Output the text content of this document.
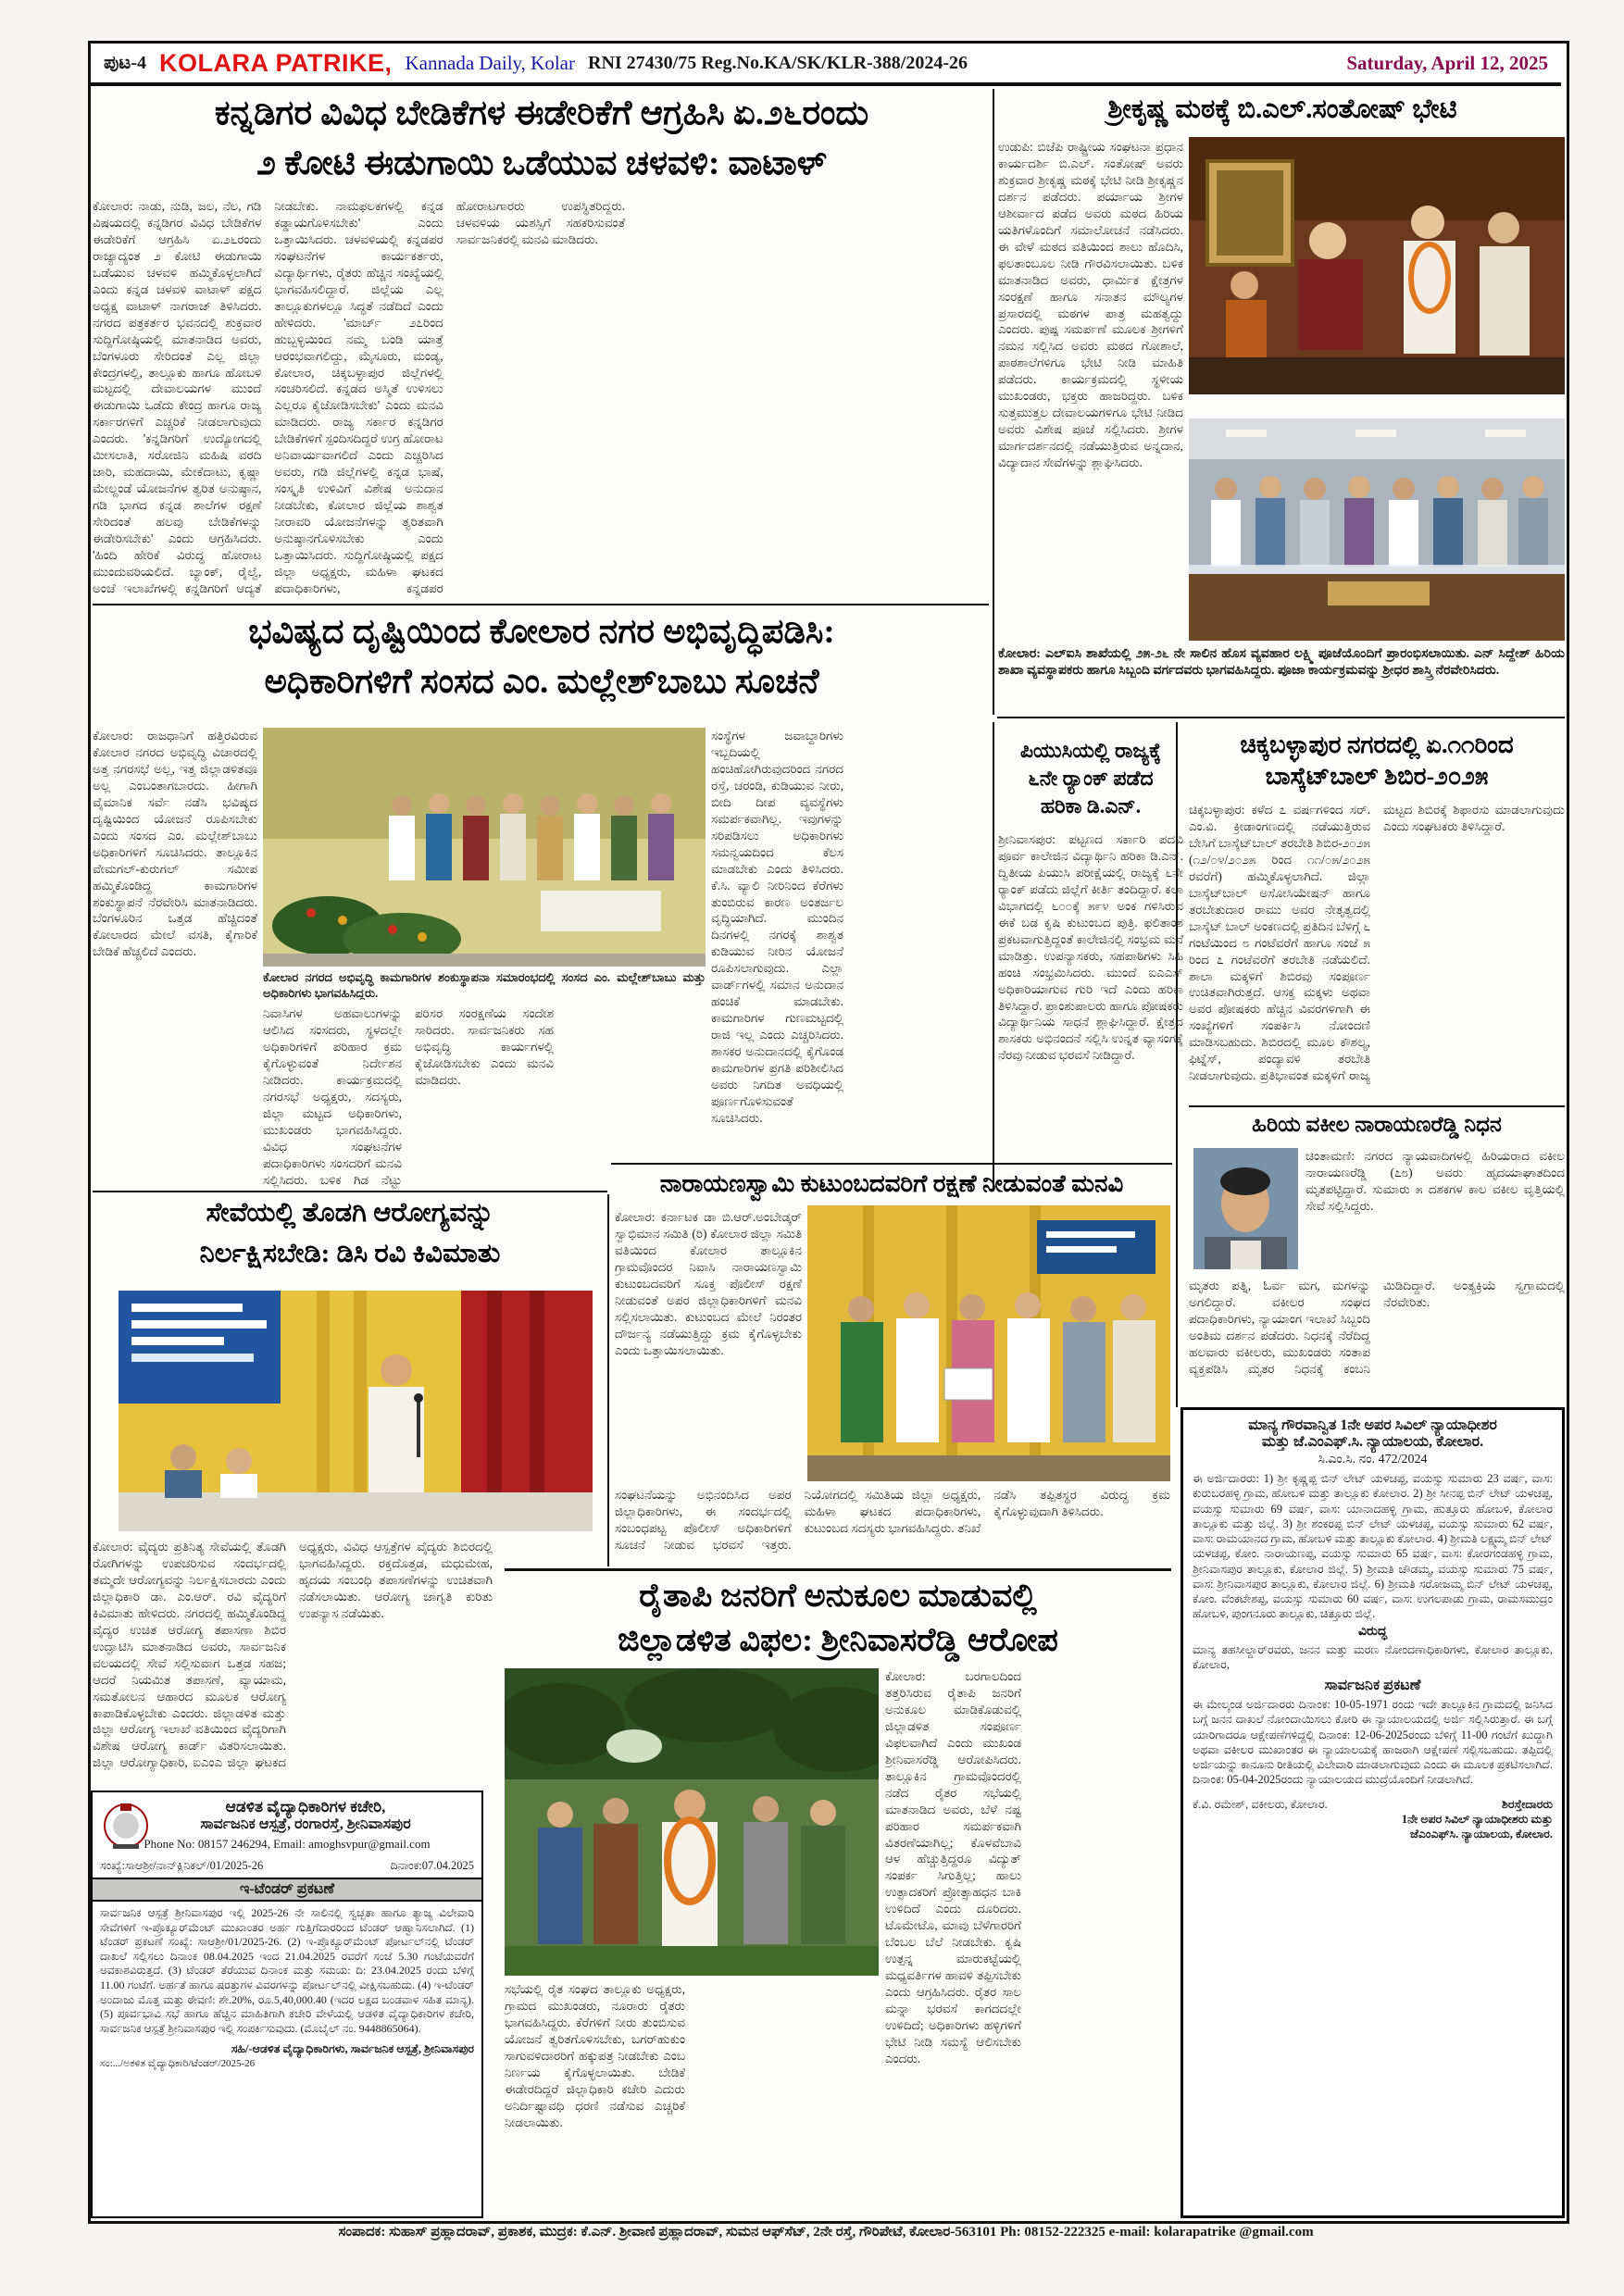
ಪುಟ-4 KOLARA PATRIKE, Kannada Daily, Kolar RNI 27430/75 Reg.No.KA/SK/KLR-388/2024-26	Saturday, April 12, 2025
ಕನ್ನಡಿಗರ ವಿವಿಧ ಬೇಡಿಕೆಗಳ ಈಡೇರಿಕೆಗೆ ಆಗ್ರಹಿಸಿ ಏ.೨೬ರಂದು
೨ ಕೋಟಿ ಈಡುಗಾಯಿ ಒಡೆಯುವ ಚಳವಳಿ: ವಾಟಾಳ್
ಕೋಲಾರ: ನಾಡು, ನುಡಿ, ಜಲ, ನೆಲ, ಗಡಿ ವಿಷಯದಲ್ಲಿ ಕನ್ನಡಿಗರ ವಿವಿಧ ಬೇಡಿಕೆಗಳ ಈಡೇರಿಕೆಗೆ ಆಗ್ರಹಿಸಿ ಏ.೨೬ರಂದು ರಾಜ್ಯಾದ್ಯಂತ ೨ ಕೋಟಿ ಈಡುಗಾಯಿ ಒಡೆಯುವ ಚಳವಳಿ ಹಮ್ಮಿಕೊಳ್ಳಲಾಗಿದೆ ಎಂದು ಕನ್ನಡ ಚಳವಳಿ ವಾಟಾಳ್ ಪಕ್ಷದ ಅಧ್ಯಕ್ಷ ವಾಟಾಳ್ ನಾಗರಾಜ್ ತಿಳಿಸಿದರು. ನಗರದ ಪತ್ರಕರ್ತರ ಭವನದಲ್ಲಿ ಶುಕ್ರವಾರ ಸುದ್ದಿಗೋಷ್ಠಿಯಲ್ಲಿ ಮಾತನಾಡಿದ ಅವರು, ಬೆಂಗಳೂರು ಸೇರಿದಂತೆ ಎಲ್ಲ ಜಿಲ್ಲಾ ಕೇಂದ್ರಗಳಲ್ಲಿ, ತಾಲ್ಲೂಕು ಹಾಗೂ ಹೋಬಳಿ ಮಟ್ಟದಲ್ಲಿ ದೇವಾಲಯಗಳ ಮುಂದೆ ಈಡುಗಾಯಿ ಒಡೆದು ಕೇಂದ್ರ ಹಾಗೂ ರಾಜ್ಯ ಸರ್ಕಾರಗಳಿಗೆ ಎಚ್ಚರಿಕೆ ನೀಡಲಾಗುವುದು ಎಂದರು. 'ಕನ್ನಡಿಗರಿಗೆ ಉದ್ಯೋಗದಲ್ಲಿ ಮೀಸಲಾತಿ, ಸರೋಜಿನಿ ಮಹಿಷಿ ವರದಿ ಜಾರಿ, ಮಹದಾಯಿ, ಮೇಕೆದಾಟು, ಕೃಷ್ಣಾ ಮೇಲ್ದಂಡೆ ಯೋಜನೆಗಳ ತ್ವರಿತ ಅನುಷ್ಠಾನ, ಗಡಿ ಭಾಗದ ಕನ್ನಡ ಶಾಲೆಗಳ ರಕ್ಷಣೆ ಸೇರಿದಂತೆ ಹಲವು ಬೇಡಿಕೆಗಳನ್ನು ಈಡೇರಿಸಬೇಕು' ಎಂದು ಆಗ್ರಹಿಸಿದರು. 'ಹಿಂದಿ ಹೇರಿಕೆ ವಿರುದ್ಧ ಹೋರಾಟ ಮುಂದುವರಿಯಲಿದೆ. ಬ್ಯಾಂಕ್, ರೈಲ್ವೆ, ಅಂಚೆ ಇಲಾಖೆಗಳಲ್ಲಿ ಕನ್ನಡಿಗರಿಗೆ ಆದ್ಯತೆ ನೀಡಬೇಕು. ನಾಮಫಲಕಗಳಲ್ಲಿ ಕನ್ನಡ ಕಡ್ಡಾಯಗೊಳಿಸಬೇಕು' ಎಂದು ಒತ್ತಾಯಿಸಿದರು. ಚಳವಳಿಯಲ್ಲಿ ಕನ್ನಡಪರ ಸಂಘಟನೆಗಳ ಕಾರ್ಯಕರ್ತರು, ವಿದ್ಯಾರ್ಥಿಗಳು, ರೈತರು ಹೆಚ್ಚಿನ ಸಂಖ್ಯೆಯಲ್ಲಿ ಭಾಗವಹಿಸಲಿದ್ದಾರೆ. ಜಿಲ್ಲೆಯ ಎಲ್ಲ ತಾಲ್ಲೂಕುಗಳಲ್ಲೂ ಸಿದ್ಧತೆ ನಡೆದಿದೆ ಎಂದು ಹೇಳಿದರು. 'ಮಾರ್ಚ್ ೨೭ರಿಂದ ಹುಬ್ಬಳ್ಳಿಯಿಂದ ನಮ್ಮ ಬಂಡಿ ಯಾತ್ರೆ ಆರಂಭವಾಗಲಿದ್ದು, ಮೈಸೂರು, ಮಂಡ್ಯ, ಕೋಲಾರ, ಚಿಕ್ಕಬಳ್ಳಾಪುರ ಜಿಲ್ಲೆಗಳಲ್ಲಿ ಸಂಚರಿಸಲಿದೆ. ಕನ್ನಡದ ಅಸ್ಮಿತೆ ಉಳಿಸಲು ಎಲ್ಲರೂ ಕೈಜೋಡಿಸಬೇಕು' ಎಂದು ಮನವಿ ಮಾಡಿದರು. ರಾಜ್ಯ ಸರ್ಕಾರ ಕನ್ನಡಿಗರ ಬೇಡಿಕೆಗಳಿಗೆ ಸ್ಪಂದಿಸದಿದ್ದರೆ ಉಗ್ರ ಹೋರಾಟ ಅನಿವಾರ್ಯವಾಗಲಿದೆ ಎಂದು ಎಚ್ಚರಿಸಿದ ಅವರು, ಗಡಿ ಜಿಲ್ಲೆಗಳಲ್ಲಿ ಕನ್ನಡ ಭಾಷೆ, ಸಂಸ್ಕೃತಿ ಉಳಿವಿಗೆ ವಿಶೇಷ ಅನುದಾನ ನೀಡಬೇಕು, ಕೋಲಾರ ಜಿಲ್ಲೆಯ ಶಾಶ್ವತ ನೀರಾವರಿ ಯೋಜನೆಗಳನ್ನು ತ್ವರಿತವಾಗಿ ಅನುಷ್ಠಾನಗೊಳಿಸಬೇಕು ಎಂದು ಒತ್ತಾಯಿಸಿದರು. ಸುದ್ದಿಗೋಷ್ಠಿಯಲ್ಲಿ ಪಕ್ಷದ ಜಿಲ್ಲಾ ಅಧ್ಯಕ್ಷರು, ಮಹಿಳಾ ಘಟಕದ ಪದಾಧಿಕಾರಿಗಳು, ಕನ್ನಡಪರ ಹೋರಾಟಗಾರರು ಉಪಸ್ಥಿತರಿದ್ದರು. ಚಳವಳಿಯ ಯಶಸ್ಸಿಗೆ ಸಹಕರಿಸುವಂತೆ ಸಾರ್ವಜನಿಕರಲ್ಲಿ ಮನವಿ ಮಾಡಿದರು.
ಶ್ರೀಕೃಷ್ಣ ಮಠಕ್ಕೆ ಬಿ.ಎಲ್.ಸಂತೋಷ್ ಭೇಟಿ
ಉಡುಪಿ: ಬಿಜೆಪಿ ರಾಷ್ಟ್ರೀಯ ಸಂಘಟನಾ ಪ್ರಧಾನ ಕಾರ್ಯದರ್ಶಿ ಬಿ.ಎಲ್. ಸಂತೋಷ್ ಅವರು ಶುಕ್ರವಾರ ಶ್ರೀಕೃಷ್ಣ ಮಠಕ್ಕೆ ಭೇಟಿ ನೀಡಿ ಶ್ರೀಕೃಷ್ಣನ ದರ್ಶನ ಪಡೆದರು. ಪರ್ಯಾಯ ಶ್ರೀಗಳ ಆಶೀರ್ವಾದ ಪಡೆದ ಅವರು ಮಠದ ಹಿರಿಯ ಯತಿಗಳೊಂದಿಗೆ ಸಮಾಲೋಚನೆ ನಡೆಸಿದರು. ಈ ವೇಳೆ ಮಠದ ವತಿಯಿಂದ ಶಾಲು ಹೊದಿಸಿ, ಫಲತಾಂಬೂಲ ನೀಡಿ ಗೌರವಿಸಲಾಯಿತು. ಬಳಿಕ ಮಾತನಾಡಿದ ಅವರು, ಧಾರ್ಮಿಕ ಕ್ಷೇತ್ರಗಳ ಸಂರಕ್ಷಣೆ ಹಾಗೂ ಸನಾತನ ಮೌಲ್ಯಗಳ ಪ್ರಸಾರದಲ್ಲಿ ಮಠಗಳ ಪಾತ್ರ ಮಹತ್ವದ್ದು ಎಂದರು. ಪುಷ್ಪ ಸಮರ್ಪಣೆ ಮೂಲಕ ಶ್ರೀಗಳಿಗೆ ನಮನ ಸಲ್ಲಿಸಿದ ಅವರು ಮಠದ ಗೋಶಾಲೆ, ಪಾಠಶಾಲೆಗಳಿಗೂ ಭೇಟಿ ನೀಡಿ ಮಾಹಿತಿ ಪಡೆದರು. ಕಾರ್ಯಕ್ರಮದಲ್ಲಿ ಸ್ಥಳೀಯ ಮುಖಂಡರು, ಭಕ್ತರು ಹಾಜರಿದ್ದರು. ಬಳಿಕ ಸುತ್ತಮುತ್ತಲ ದೇವಾಲಯಗಳಿಗೂ ಭೇಟಿ ನೀಡಿದ ಅವರು ವಿಶೇಷ ಪೂಜೆ ಸಲ್ಲಿಸಿದರು. ಶ್ರೀಗಳ ಮಾರ್ಗದರ್ಶನದಲ್ಲಿ ನಡೆಯುತ್ತಿರುವ ಅನ್ನದಾನ, ವಿದ್ಯಾದಾನ ಸೇವೆಗಳನ್ನು ಶ್ಲಾಘಿಸಿದರು.
ಕೋಲಾರ: ಎಲ್‌ಐಸಿ ಶಾಖೆಯಲ್ಲಿ ೨೫-೨೬ ನೇ ಸಾಲಿನ ಹೊಸ ವ್ಯವಹಾರ ಲಕ್ಷ್ಮಿ ಪೂಜೆಯೊಂದಿಗೆ ಪ್ರಾರಂಭಿಸಲಾಯಿತು. ಎನ್ ಸಿದ್ದೇಶ್ ಹಿರಿಯ ಶಾಖಾ ವ್ಯವಸ್ಥಾಪಕರು ಹಾಗೂ ಸಿಬ್ಬಂದಿ ವರ್ಗದವರು ಭಾಗವಹಿಸಿದ್ದರು. ಪೂಜಾ ಕಾರ್ಯಕ್ರಮವನ್ನು ಶ್ರೀಧರ ಶಾಸ್ತ್ರಿ ನೆರವೇರಿಸಿದರು.
ಭವಿಷ್ಯದ ದೃಷ್ಟಿಯಿಂದ ಕೋಲಾರ ನಗರ ಅಭಿವೃದ್ಧಿಪಡಿಸಿ:
ಅಧಿಕಾರಿಗಳಿಗೆ ಸಂಸದ ಎಂ. ಮಲ್ಲೇಶ್‌ಬಾಬು ಸೂಚನೆ
ಕೋಲಾರ: ರಾಜಧಾನಿಗೆ ಹತ್ತಿರವಿರುವ ಕೋಲಾರ ನಗರದ ಅಭಿವೃದ್ಧಿ ವಿಚಾರದಲ್ಲಿ ಅತ್ತ ನಗರಸಭೆ ಅಲ್ಲ, ಇತ್ತ ಜಿಲ್ಲಾಡಳಿತವೂ ಅಲ್ಲ ಎಂಬಂತಾಗಬಾರದು. ಹೀಗಾಗಿ ವೈಮಾನಿಕ ಸರ್ವೆ ನಡೆಸಿ ಭವಿಷ್ಯದ ದೃಷ್ಟಿಯಿಂದ ಯೋಜನೆ ರೂಪಿಸಬೇಕು ಎಂದು ಸಂಸದ ಎಂ. ಮಲ್ಲೇಶ್‌ಬಾಬು ಅಧಿಕಾರಿಗಳಿಗೆ ಸೂಚಿಸಿದರು. ತಾಲ್ಲೂಕಿನ ವೇಮಗಲ್-ಕುರುಗಲ್ ಸಮೀಪ ಹಮ್ಮಿಕೊಂಡಿದ್ದ ಕಾಮಗಾರಿಗಳ ಶಂಕುಸ್ಥಾಪನೆ ನೆರವೇರಿಸಿ ಮಾತನಾಡಿದರು. ಬೆಂಗಳೂರಿನ ಒತ್ತಡ ಹೆಚ್ಚಿದಂತೆ ಕೋಲಾರದ ಮೇಲೆ ವಸತಿ, ಕೈಗಾರಿಕೆ ಬೇಡಿಕೆ ಹೆಚ್ಚಲಿದೆ ಎಂದರು.
ಕೋಲಾರ ನಗರದ ಅಭಿವೃದ್ಧಿ ಕಾಮಗಾರಿಗಳ ಶಂಕುಸ್ಥಾಪನಾ ಸಮಾರಂಭದಲ್ಲಿ ಸಂಸದ ಎಂ. ಮಲ್ಲೇಶ್‌ಬಾಬು ಮತ್ತು ಅಧಿಕಾರಿಗಳು ಭಾಗವಹಿಸಿದ್ದರು.
ನಿವಾಸಿಗಳ ಅಹವಾಲುಗಳನ್ನು ಆಲಿಸಿದ ಸಂಸದರು, ಸ್ಥಳದಲ್ಲೇ ಅಧಿಕಾರಿಗಳಿಗೆ ಪರಿಹಾರ ಕ್ರಮ ಕೈಗೊಳ್ಳುವಂತೆ ನಿರ್ದೇಶನ ನೀಡಿದರು. ಕಾರ್ಯಕ್ರಮದಲ್ಲಿ ನಗರಸಭೆ ಅಧ್ಯಕ್ಷರು, ಸದಸ್ಯರು, ಜಿಲ್ಲಾ ಮಟ್ಟದ ಅಧಿಕಾರಿಗಳು, ಮುಖಂಡರು ಭಾಗವಹಿಸಿದ್ದರು. ವಿವಿಧ ಸಂಘಟನೆಗಳ ಪದಾಧಿಕಾರಿಗಳು ಸಂಸದರಿಗೆ ಮನವಿ ಸಲ್ಲಿಸಿದರು. ಬಳಿಕ ಗಿಡ ನೆಟ್ಟು ಪರಿಸರ ಸಂರಕ್ಷಣೆಯ ಸಂದೇಶ ಸಾರಿದರು. ಸಾರ್ವಜನಿಕರು ಸಹ ಅಭಿವೃದ್ಧಿ ಕಾರ್ಯಗಳಲ್ಲಿ ಕೈಜೋಡಿಸಬೇಕು ಎಂದು ಮನವಿ ಮಾಡಿದರು.
ಸಂಸ್ಥೆಗಳ ಜವಾಬ್ದಾರಿಗಳು ಇಬ್ಬದಿಯಲ್ಲಿ ಹಂಚಿಹೋಗಿರುವುದರಿಂದ ನಗರದ ರಸ್ತೆ, ಚರಂಡಿ, ಕುಡಿಯುವ ನೀರು, ಬೀದಿ ದೀಪ ವ್ಯವಸ್ಥೆಗಳು ಸಮರ್ಪಕವಾಗಿಲ್ಲ. ಇವುಗಳನ್ನು ಸರಿಪಡಿಸಲು ಅಧಿಕಾರಿಗಳು ಸಮನ್ವಯದಿಂದ ಕೆಲಸ ಮಾಡಬೇಕು ಎಂದು ತಿಳಿಸಿದರು. ಕೆ.ಸಿ. ವ್ಯಾಲಿ ನೀರಿನಿಂದ ಕೆರೆಗಳು ತುಂಬಿರುವ ಕಾರಣ ಅಂತರ್ಜಲ ವೃದ್ಧಿಯಾಗಿದೆ. ಮುಂದಿನ ದಿನಗಳಲ್ಲಿ ನಗರಕ್ಕೆ ಶಾಶ್ವತ ಕುಡಿಯುವ ನೀರಿನ ಯೋಜನೆ ರೂಪಿಸಲಾಗುವುದು. ಎಲ್ಲಾ ವಾರ್ಡ್‌ಗಳಲ್ಲಿ ಸಮಾನ ಅನುದಾನ ಹಂಚಿಕೆ ಮಾಡಬೇಕು. ಕಾಮಗಾರಿಗಳ ಗುಣಮಟ್ಟದಲ್ಲಿ ರಾಜಿ ಇಲ್ಲ ಎಂದು ಎಚ್ಚರಿಸಿದರು. ಶಾಸಕರ ಅನುದಾನದಲ್ಲಿ ಕೈಗೊಂಡ ಕಾಮಗಾರಿಗಳ ಪ್ರಗತಿ ಪರಿಶೀಲಿಸಿದ ಅವರು ನಿಗದಿತ ಅವಧಿಯಲ್ಲಿ ಪೂರ್ಣಗೊಳಿಸುವಂತೆ ಸೂಚಿಸಿದರು.
ಪಿಯುಸಿಯಲ್ಲಿ ರಾಜ್ಯಕ್ಕೆ
೬ನೇ ರ‍್ಯಾಂಕ್ ಪಡೆದ
ಹರಿಕಾ ಡಿ.ಎನ್.
ಶ್ರೀನಿವಾಸಪುರ: ಪಟ್ಟಣದ ಸರ್ಕಾರಿ ಪದವಿ ಪೂರ್ವ ಕಾಲೇಜಿನ ವಿದ್ಯಾರ್ಥಿನಿ ಹರಿಕಾ ಡಿ.ಎನ್. ದ್ವಿತೀಯ ಪಿಯುಸಿ ಪರೀಕ್ಷೆಯಲ್ಲಿ ರಾಜ್ಯಕ್ಕೆ ೬ನೇ ರ‍್ಯಾಂಕ್ ಪಡೆದು ಜಿಲ್ಲೆಗೆ ಕೀರ್ತಿ ತಂದಿದ್ದಾರೆ. ಕಲಾ ವಿಭಾಗದಲ್ಲಿ ೬೦೦ಕ್ಕೆ ೫೯೪ ಅಂಕ ಗಳಿಸಿರುವ ಈಕೆ ಬಡ ಕೃಷಿ ಕುಟುಂಬದ ಪುತ್ರಿ. ಫಲಿತಾಂಶ ಪ್ರಕಟವಾಗುತ್ತಿದ್ದಂತೆ ಕಾಲೇಜಿನಲ್ಲಿ ಸಂಭ್ರಮ ಮನೆ ಮಾಡಿತ್ತು. ಉಪನ್ಯಾಸಕರು, ಸಹಪಾಠಿಗಳು ಸಿಹಿ ಹಂಚಿ ಸಂಭ್ರಮಿಸಿದರು. ಮುಂದೆ ಐಎಎಸ್ ಅಧಿಕಾರಿಯಾಗುವ ಗುರಿ ಇದೆ ಎಂದು ಹರಿಕಾ ತಿಳಿಸಿದ್ದಾರೆ. ಪ್ರಾಂಶುಪಾಲರು ಹಾಗೂ ಪೋಷಕರು ವಿದ್ಯಾರ್ಥಿನಿಯ ಸಾಧನೆ ಶ್ಲಾಘಿಸಿದ್ದಾರೆ. ಕ್ಷೇತ್ರದ ಶಾಸಕರು ಅಭಿನಂದನೆ ಸಲ್ಲಿಸಿ ಉನ್ನತ ವ್ಯಾಸಂಗಕ್ಕೆ ನೆರವು ನೀಡುವ ಭರವಸೆ ನೀಡಿದ್ದಾರೆ.
ಚಿಕ್ಕಬಳ್ಳಾಪುರ ನಗರದಲ್ಲಿ ಏ.೧೧ರಿಂದ
ಬಾಸ್ಕೆಟ್‌ಬಾಲ್ ಶಿಬಿರ-೨೦೨೫
ಚಿಕ್ಕಬಳ್ಳಾಪುರ: ಕಳೆದ ೭ ವರ್ಷಗಳಿಂದ ಸರ್. ಎಂ.ವಿ. ಕ್ರೀಡಾಂಗಣದಲ್ಲಿ ನಡೆಯುತ್ತಿರುವ ಬೇಸಿಗೆ ಬಾಸ್ಕೆಟ್‌ಬಾಲ್ ತರಬೇತಿ ಶಿಬಿರ-೨೦೨೫ (೧೨/೦೪/೨೦೨೫ ರಿಂದ ೧೧/೦೫/೨೦೨೫ ರವರೆಗೆ) ಹಮ್ಮಿಕೊಳ್ಳಲಾಗಿದೆ. ಜಿಲ್ಲಾ ಬಾಸ್ಕೆಟ್‌ಬಾಲ್ ಅಸೋಸಿಯೇಷನ್ ಹಾಗೂ ತರಬೇತುದಾರ ರಾಮು ಅವರ ನೇತೃತ್ವದಲ್ಲಿ ಬಾಸ್ಕೆಟ್ ಬಾಲ್ ಅಂಕಣದಲ್ಲಿ ಪ್ರತಿದಿನ ಬೆಳಿಗ್ಗೆ ೬ ಗಂಟೆಯಿಂದ ೮ ಗಂಟೆವರೆಗೆ ಹಾಗೂ ಸಂಜೆ ೫ ರಿಂದ ೭ ಗಂಟೆವರೆಗೆ ತರಬೇತಿ ನಡೆಯಲಿದೆ. ಶಾಲಾ ಮಕ್ಕಳಿಗೆ ಶಿಬಿರವು ಸಂಪೂರ್ಣ ಉಚಿತವಾಗಿರುತ್ತದೆ. ಆಸಕ್ತ ಮಕ್ಕಳು ಅಥವಾ ಅವರ ಪೋಷಕರು ಹೆಚ್ಚಿನ ವಿವರಗಳಿಗಾಗಿ ಈ ಸಂಖ್ಯೆಗಳಿಗೆ ಸಂಪರ್ಕಿಸಿ ನೋಂದಣಿ ಮಾಡಿಸಬಹುದು. ಶಿಬಿರದಲ್ಲಿ ಮೂಲ ಕೌಶಲ್ಯ, ಫಿಟ್ನೆಸ್, ಪಂದ್ಯಾವಳಿ ತರಬೇತಿ ನೀಡಲಾಗುವುದು. ಪ್ರತಿಭಾವಂತ ಮಕ್ಕಳಿಗೆ ರಾಜ್ಯ ಮಟ್ಟದ ಶಿಬಿರಕ್ಕೆ ಶಿಫಾರಸು ಮಾಡಲಾಗುವುದು ಎಂದು ಸಂಘಟಕರು ತಿಳಿಸಿದ್ದಾರೆ.
ಹಿರಿಯ ವಕೀಲ ನಾರಾಯಣರೆಡ್ಡಿ ನಿಧನ
ಚಿಂತಾಮಣಿ: ನಗರದ ನ್ಯಾಯವಾದಿಗಳಲ್ಲಿ ಹಿರಿಯರಾದ ವಕೀಲ ನಾರಾಯಣರೆಡ್ಡಿ (೭೮) ಅವರು ಹೃದಯಾಘಾತದಿಂದ ಮೃತಪಟ್ಟಿದ್ದಾರೆ. ಸುಮಾರು ೫ ದಶಕಗಳ ಕಾಲ ವಕೀಲ ವೃತ್ತಿಯಲ್ಲಿ ಸೇವೆ ಸಲ್ಲಿಸಿದ್ದರು.
ಮೃತರು ಪತ್ನಿ, ಓರ್ವ ಮಗ, ಮಗಳನ್ನು ಅಗಲಿದ್ದಾರೆ. ವಕೀಲರ ಸಂಘದ ಪದಾಧಿಕಾರಿಗಳು, ನ್ಯಾಯಾಂಗ ಇಲಾಖೆ ಸಿಬ್ಬಂದಿ ಅಂತಿಮ ದರ್ಶನ ಪಡೆದರು. ನಿಧನಕ್ಕೆ ನೆರೆದಿದ್ದ ಹಲವಾರು ವಕೀಲರು, ಮುಖಂಡರು ಸಂತಾಪ ವ್ಯಕ್ತಪಡಿಸಿ ಮೃತರ ನಿಧನಕ್ಕೆ ಕಂಬನಿ ಮಿಡಿದಿದ್ದಾರೆ. ಅಂತ್ಯಕ್ರಿಯೆ ಸ್ವಗ್ರಾಮದಲ್ಲಿ ನೆರವೇರಿತು.
ಮಾನ್ಯ ಗೌರವಾನ್ವಿತ 1ನೇ ಅಪರ ಸಿವಿಲ್ ನ್ಯಾಯಾಧೀಶರ
ಮತ್ತು ಜೆ.ಎಂಎಫ್.ಸಿ. ನ್ಯಾಯಾಲಯ, ಕೋಲಾರ.
ಸಿ.ಎಂ.ಸಿ. ನಂ. 472/2024
ಈ ಅರ್ಜಿದಾರರು: 1) ಶ್ರೀ ಕೃಷ್ಣಪ್ಪ ಬಿನ್ ಲೇಟ್ ಯಳಚಪ್ಪ, ವಯಸ್ಸು ಸುಮಾರು 23 ವರ್ಷ, ವಾಸ: ಕುರುಬರಹಳ್ಳಿ ಗ್ರಾಮ, ಹೋಬಳಿ ಮತ್ತು ತಾಲ್ಲೂಕು ಕೋಲಾರ. 2) ಶ್ರೀ ಸೀನಪ್ಪ ಬಿನ್ ಲೇಟ್ ಯಳಚಪ್ಪ, ವಯಸ್ಸು ಸುಮಾರು 69 ವರ್ಷ, ವಾಸ: ಯಾನಾದಹಳ್ಳಿ ಗ್ರಾಮ, ಹುತ್ತೂರು ಹೋಬಳಿ, ಕೋಲಾರ ತಾಲ್ಲೂಕು ಮತ್ತು ಜಿಲ್ಲೆ. 3) ಶ್ರೀ ಶಂಕರಪ್ಪ ಬಿನ್ ಲೇಟ್ ಯಳಚಪ್ಪ, ವಯಸ್ಸು ಸುಮಾರು 62 ವರ್ಷ, ವಾಸ: ರಾಮಯಾನದ ಗ್ರಾಮ, ಹೋಬಳಿ ಮತ್ತು ತಾಲ್ಲೂಕು ಕೋಲಾರ. 4) ಶ್ರೀಮತಿ ಲಕ್ಷ್ಮಮ್ಮ ಬಿನ್ ಲೇಟ್ ಯಳಚಪ್ಪ, ಕೋಂ. ನಾರಾಯಣಪ್ಪ, ವಯಸ್ಸು ಸುಮಾರು 65 ವರ್ಷ, ವಾಸ: ಕೋರಗಂಡಹಳ್ಳಿ ಗ್ರಾಮ, ಶ್ರೀನಿವಾಸಪುರ ತಾಲ್ಲೂಕು, ಕೋಲಾರ ಜಿಲ್ಲೆ. 5) ಶ್ರೀಮತಿ ಚೌಡಮ್ಮ, ವಯಸ್ಸು ಸುಮಾರು 75 ವರ್ಷ, ವಾಸ: ಶ್ರೀನಿವಾಸಪುರ ತಾಲ್ಲೂಕು, ಕೋಲಾರ ಜಿಲ್ಲೆ. 6) ಶ್ರೀಮತಿ ಸರೋಜಮ್ಮ ಬಿನ್ ಲೇಟ್ ಯಳಚಪ್ಪ, ಕೋಂ. ವೆಂಕಟೇಶಪ್ಪ, ವಯಸ್ಸು ಸುಮಾರು 60 ವರ್ಷ, ವಾಸ: ಉಗಲಪಾಡು ಗ್ರಾಮ, ರಾಮಸಮುದ್ರಂ ಹೋಬಳಿ, ಪುಂಗನೂರು ತಾಲ್ಲೂಕು, ಚಿತ್ತೂರು ಜಿಲ್ಲೆ.
ವಿರುದ್ಧ
ಮಾನ್ಯ ತಹಸೀಲ್ದಾರ್‌ರವರು, ಜನನ ಮತ್ತು ಮರಣ ನೋಂದಣಾಧಿಕಾರಿಗಳು, ಕೋಲಾರ ತಾಲ್ಲೂಕು, ಕೋಲಾರ,
ಸಾರ್ವಜನಿಕ ಪ್ರಕಟಣೆ
ಈ ಮೇಲ್ಕಂಡ ಅರ್ಜಿದಾರರು ದಿನಾಂಕ: 10-05-1971 ರಂದು ಇದೇ ತಾಲ್ಲೂಕಿನ ಗ್ರಾಮದಲ್ಲಿ ಜನಿಸಿದ ಬಗ್ಗೆ ಜನನ ದಾಖಲೆ ನೋಂದಾಯಿಸಲು ಕೋರಿ ಈ ನ್ಯಾಯಾಲಯದಲ್ಲಿ ಅರ್ಜಿ ಸಲ್ಲಿಸಿರುತ್ತಾರೆ. ಈ ಬಗ್ಗೆ ಯಾರಿಗಾದರೂ ಆಕ್ಷೇಪಣೆಗಳಿದ್ದಲ್ಲಿ ದಿನಾಂಕ: 12-06-2025ರಂದು ಬೆಳಿಗ್ಗೆ 11-00 ಗಂಟೆಗೆ ಖುದ್ದಾಗಿ ಅಥವಾ ವಕೀಲರ ಮುಖಾಂತರ ಈ ನ್ಯಾಯಾಲಯಕ್ಕೆ ಹಾಜರಾಗಿ ಆಕ್ಷೇಪಣೆ ಸಲ್ಲಿಸಬಹುದು. ತಪ್ಪಿದಲ್ಲಿ ಅರ್ಜಿಯನ್ನು ಕಾನೂನು ರೀತಿಯಲ್ಲಿ ವಿಲೇವಾರಿ ಮಾಡಲಾಗುವುದು ಎಂದು ಈ ಮೂಲಕ ಪ್ರಕಟಿಸಲಾಗಿದೆ. ದಿನಾಂಕ: 05-04-2025ರಂದು ನ್ಯಾಯಾಲಯದ ಮುದ್ರೆಯೊಂದಿಗೆ ನೀಡಲಾಗಿದೆ.
ಕೆ.ವಿ. ರಮೇಶ್, ವಕೀಲರು, ಕೋಲಾರ.	ಶಿರಸ್ತೇದಾರರು
1ನೇ ಅಪರ ಸಿವಿಲ್ ನ್ಯಾಯಾಧೀಶರು ಮತ್ತು
ಜೆಎಂಎಫ್‌ಸಿ. ನ್ಯಾಯಾಲಯ, ಕೋಲಾರ.
ಸೇವೆಯಲ್ಲಿ ತೊಡಗಿ ಆರೋಗ್ಯವನ್ನು
ನಿರ್ಲಕ್ಷಿಸಬೇಡಿ: ಡಿಸಿ ರವಿ ಕಿವಿಮಾತು
ಕೋಲಾರ: ವೈದ್ಯರು ಪ್ರತಿನಿತ್ಯ ಸೇವೆಯಲ್ಲಿ ತೊಡಗಿ ರೋಗಿಗಳನ್ನು ಉಪಚರಿಸುವ ಸಂದರ್ಭದಲ್ಲಿ ತಮ್ಮದೇ ಆರೋಗ್ಯವನ್ನು ನಿರ್ಲಕ್ಷಿಸಬಾರದು ಎಂದು ಜಿಲ್ಲಾಧಿಕಾರಿ ಡಾ. ಎಂ.ಆರ್. ರವಿ ವೈದ್ಯರಿಗೆ ಕಿವಿಮಾತು ಹೇಳಿದರು. ನಗರದಲ್ಲಿ ಹಮ್ಮಿಕೊಂಡಿದ್ದ ವೈದ್ಯರ ಉಚಿತ ಆರೋಗ್ಯ ತಪಾಸಣಾ ಶಿಬಿರ ಉದ್ಘಾಟಿಸಿ ಮಾತನಾಡಿದ ಅವರು, ಸಾರ್ವಜನಿಕ ವಲಯದಲ್ಲಿ ಸೇವೆ ಸಲ್ಲಿಸುವಾಗ ಒತ್ತಡ ಸಹಜ; ಆದರೆ ನಿಯಮಿತ ತಪಾಸಣೆ, ವ್ಯಾಯಾಮ, ಸಮತೋಲನ ಆಹಾರದ ಮೂಲಕ ಆರೋಗ್ಯ ಕಾಪಾಡಿಕೊಳ್ಳಬೇಕು ಎಂದರು. ಜಿಲ್ಲಾಡಳಿತ ಮತ್ತು ಜಿಲ್ಲಾ ಆರೋಗ್ಯ ಇಲಾಖೆ ವತಿಯಿಂದ ವೈದ್ಯರಿಗಾಗಿ ವಿಶೇಷ ಆರೋಗ್ಯ ಕಾರ್ಡ್ ವಿತರಿಸಲಾಯಿತು. ಜಿಲ್ಲಾ ಆರೋಗ್ಯಾಧಿಕಾರಿ, ಐಎಂಎ ಜಿಲ್ಲಾ ಘಟಕದ ಅಧ್ಯಕ್ಷರು, ವಿವಿಧ ಆಸ್ಪತ್ರೆಗಳ ವೈದ್ಯರು ಶಿಬಿರದಲ್ಲಿ ಭಾಗವಹಿಸಿದ್ದರು. ರಕ್ತದೊತ್ತಡ, ಮಧುಮೇಹ, ಹೃದಯ ಸಂಬಂಧಿ ತಪಾಸಣೆಗಳನ್ನು ಉಚಿತವಾಗಿ ನಡೆಸಲಾಯಿತು. ಆರೋಗ್ಯ ಜಾಗೃತಿ ಕುರಿತು ಉಪನ್ಯಾಸ ನಡೆಯಿತು.
ಆಡಳಿತ ವೈದ್ಯಾಧಿಕಾರಿಗಳ ಕಚೇರಿ,
ಸಾರ್ವಜನಿಕ ಆಸ್ಪತ್ರೆ, ರಂಗಾರಸ್ತೆ, ಶ್ರೀನಿವಾಸಪುರ
Phone No: 08157 246294, Email: amoghsvpur@gmail.com
ಸಂಖ್ಯೆ:ಸಾಆಶ್ರೀ/ನಾನ್‌ಕ್ಲಿನಿಕಲ್/01/2025-26	ದಿನಾಂಕ:07.04.2025
ಇ-ಟೆಂಡರ್ ಪ್ರಕಟಣೆ
ಸಾರ್ವಜನಿಕ ಆಸ್ಪತ್ರೆ ಶ್ರೀನಿವಾಸಪುರ ಇಲ್ಲಿ 2025-26 ನೇ ಸಾಲಿನಲ್ಲಿ ಸ್ವಚ್ಛತಾ ಹಾಗೂ ತ್ಯಾಜ್ಯ ವಿಲೇವಾರಿ ಸೇವೆಗಳಿಗೆ ಇ-ಪ್ರೊಕ್ಯೂರ್‌ಮೆಂಟ್ ಮುಖಾಂತರ ಅರ್ಹ ಗುತ್ತಿಗೆದಾರರಿಂದ ಟೆಂಡರ್ ಆಹ್ವಾನಿಸಲಾಗಿದೆ. (1) ಟೆಂಡರ್ ಪ್ರಕಟಣೆ ಸಂಖ್ಯೆ: ಸಾಆಶ್ರೀ/01/2025-26. (2) ಇ-ಪ್ರೊಕ್ಯೂರ್‌ಮೆಂಟ್ ಪೋರ್ಟಲ್‌ನಲ್ಲಿ ಟೆಂಡರ್ ದಾಖಲೆ ಸಲ್ಲಿಸಲು ದಿನಾಂಕ 08.04.2025 ಇಂದ 21.04.2025 ರವರೆಗೆ ಸಂಜೆ 5.30 ಗಂಟೆಯವರೆಗೆ ಅವಕಾಶವಿರುತ್ತದೆ. (3) ಟೆಂಡರ್ ತೆರೆಯುವ ದಿನಾಂಕ ಮತ್ತು ಸಮಯ: ದಿ: 23.04.2025 ರಂದು ಬೆಳಿಗ್ಗೆ 11.00 ಗಂಟೆಗೆ. ಅರ್ಹತೆ ಹಾಗೂ ಷರತ್ತುಗಳ ವಿವರಗಳನ್ನು ಪೋರ್ಟಲ್‌ನಲ್ಲಿ ವೀಕ್ಷಿಸಬಹುದು. (4) ಇ-ಟೆಂಡರ್ ಅಂದಾಜು ಮೊತ್ತ ಮತ್ತು ಠೇವಣಿ: ಶೇ.20%, ರೂ.5,40,000.40 (ಇದರ ಲಕ್ಷದ ಬಂಡವಾಳ ಸಹಿತ ಮಾನ್ಯ). (5) ಪೂರ್ವಭಾವಿ ಸಭೆ ಹಾಗೂ ಹೆಚ್ಚಿನ ಮಾಹಿತಿಗಾಗಿ ಕಚೇರಿ ವೇಳೆಯಲ್ಲಿ ಆಡಳಿತ ವೈದ್ಯಾಧಿಕಾರಿಗಳ ಕಚೇರಿ, ಸಾರ್ವಜನಿಕ ಆಸ್ಪತ್ರೆ ಶ್ರೀನಿವಾಸಪುರ ಇಲ್ಲಿ ಸಂಪರ್ಕಿಸುವುದು. (ಮೊಬೈಲ್ ನಂ. 9448865064).
ಸಹಿ/-ಆಡಳಿತ ವೈದ್ಯಾಧಿಕಾರಿಗಳು, ಸಾರ್ವಜನಿಕ ಆಸ್ಪತ್ರೆ, ಶ್ರೀನಿವಾಸಪುರ
ಸಂ:.../ಅಕಳಿತ ವೈದ್ಯಾಧಿಕಾರಿ/ಟೆಂಡರ್/2025-26
ನಾರಾಯಣಸ್ವಾಮಿ ಕುಟುಂಬದವರಿಗೆ ರಕ್ಷಣೆ ನೀಡುವಂತೆ ಮನವಿ
ಕೋಲಾರ: ಕರ್ನಾಟಕ ಡಾ ಬಿ.ಆರ್.ಅಂಬೇಡ್ಕರ್ ಸ್ವಾಭಿಮಾನ ಸಮಿತಿ (ರಿ) ಕೋಲಾರ ಜಿಲ್ಲಾ ಸಮಿತಿ ವತಿಯಿಂದ ಕೋಲಾರ ತಾಲ್ಲೂಕಿನ ಗ್ರಾಮವೊಂದರ ನಿವಾಸಿ ನಾರಾಯಣಸ್ವಾಮಿ ಕುಟುಂಬದವರಿಗೆ ಸೂಕ್ತ ಪೊಲೀಸ್ ರಕ್ಷಣೆ ನೀಡುವಂತೆ ಅಪರ ಜಿಲ್ಲಾಧಿಕಾರಿಗಳಿಗೆ ಮನವಿ ಸಲ್ಲಿಸಲಾಯಿತು. ಕುಟುಂಬದ ಮೇಲೆ ನಿರಂತರ ದೌರ್ಜನ್ಯ ನಡೆಯುತ್ತಿದ್ದು ಕ್ರಮ ಕೈಗೊಳ್ಳಬೇಕು ಎಂದು ಒತ್ತಾಯಿಸಲಾಯಿತು.
ಸಂಘಟನೆಯನ್ನು ಅಭಿನಂದಿಸಿದ ಅಪರ ಜಿಲ್ಲಾಧಿಕಾರಿಗಳು, ಈ ಸಂದರ್ಭದಲ್ಲಿ ಸಂಬಂಧಪಟ್ಟ ಪೊಲೀಸ್ ಅಧಿಕಾರಿಗಳಿಗೆ ಸೂಚನೆ ನೀಡುವ ಭರವಸೆ ಇತ್ತರು. ನಿಯೋಗದಲ್ಲಿ ಸಮಿತಿಯ ಜಿಲ್ಲಾ ಅಧ್ಯಕ್ಷರು, ಮಹಿಳಾ ಘಟಕದ ಪದಾಧಿಕಾರಿಗಳು, ಕುಟುಂಬದ ಸದಸ್ಯರು ಭಾಗವಹಿಸಿದ್ದರು. ತನಿಖೆ ನಡೆಸಿ ತಪ್ಪಿತಸ್ಥರ ವಿರುದ್ಧ ಕ್ರಮ ಕೈಗೊಳ್ಳುವುದಾಗಿ ತಿಳಿಸಿದರು.
ರೈತಾಪಿ ಜನರಿಗೆ ಅನುಕೂಲ ಮಾಡುವಲ್ಲಿ
ಜಿಲ್ಲಾಡಳಿತ ವಿಫಲ: ಶ್ರೀನಿವಾಸರೆಡ್ಡಿ ಆರೋಪ
ಕೋಲಾರ: ಬರಗಾಲದಿಂದ ತತ್ತರಿಸಿರುವ ರೈತಾಪಿ ಜನರಿಗೆ ಅನುಕೂಲ ಮಾಡಿಕೊಡುವಲ್ಲಿ ಜಿಲ್ಲಾಡಳಿತ ಸಂಪೂರ್ಣ ವಿಫಲವಾಗಿದೆ ಎಂದು ಮುಖಂಡ ಶ್ರೀನಿವಾಸರೆಡ್ಡಿ ಆರೋಪಿಸಿದರು. ತಾಲ್ಲೂಕಿನ ಗ್ರಾಮವೊಂದರಲ್ಲಿ ನಡೆದ ರೈತರ ಸಭೆಯಲ್ಲಿ ಮಾತನಾಡಿದ ಅವರು, ಬೆಳೆ ನಷ್ಟ ಪರಿಹಾರ ಸಮರ್ಪಕವಾಗಿ ವಿತರಣೆಯಾಗಿಲ್ಲ; ಕೊಳವೆಬಾವಿ ಆಳ ಹೆಚ್ಚುತ್ತಿದ್ದರೂ ವಿದ್ಯುತ್ ಸಂಪರ್ಕ ಸಿಗುತ್ತಿಲ್ಲ; ಹಾಲು ಉತ್ಪಾದಕರಿಗೆ ಪ್ರೋತ್ಸಾಹಧನ ಬಾಕಿ ಉಳಿದಿದೆ ಎಂದು ದೂರಿದರು. ಟೊಮೇಟೊ, ಮಾವು ಬೆಳೆಗಾರರಿಗೆ ಬೆಂಬಲ ಬೆಲೆ ನೀಡಬೇಕು. ಕೃಷಿ ಉತ್ಪನ್ನ ಮಾರುಕಟ್ಟೆಯಲ್ಲಿ ಮಧ್ಯವರ್ತಿಗಳ ಹಾವಳಿ ತಪ್ಪಿಸಬೇಕು ಎಂದು ಆಗ್ರಹಿಸಿದರು. ರೈತರ ಸಾಲ ಮನ್ನಾ ಭರವಸೆ ಕಾಗದದಲ್ಲೇ ಉಳಿದಿದೆ; ಅಧಿಕಾರಿಗಳು ಹಳ್ಳಿಗಳಿಗೆ ಭೇಟಿ ನೀಡಿ ಸಮಸ್ಯೆ ಆಲಿಸಬೇಕು ಎಂದರು.
ಸಭೆಯಲ್ಲಿ ರೈತ ಸಂಘದ ತಾಲ್ಲೂಕು ಅಧ್ಯಕ್ಷರು, ಗ್ರಾಮದ ಮುಖಂಡರು, ನೂರಾರು ರೈತರು ಭಾಗವಹಿಸಿದ್ದರು. ಕೆರೆಗಳಿಗೆ ನೀರು ತುಂಬಿಸುವ ಯೋಜನೆ ತ್ವರಿತಗೊಳಿಸಬೇಕು, ಬಗರ್‌ಹುಕುಂ ಸಾಗುವಳಿದಾರರಿಗೆ ಹಕ್ಕುಪತ್ರ ನೀಡಬೇಕು ಎಂಬ ನಿರ್ಣಯ ಕೈಗೊಳ್ಳಲಾಯಿತು. ಬೇಡಿಕೆ ಈಡೇರದಿದ್ದರೆ ಜಿಲ್ಲಾಧಿಕಾರಿ ಕಚೇರಿ ಎದುರು ಅನಿರ್ದಿಷ್ಟಾವಧಿ ಧರಣಿ ನಡೆಸುವ ಎಚ್ಚರಿಕೆ ನೀಡಲಾಯಿತು.
ಸಂಪಾದಕ: ಸುಹಾಸ್ ಪ್ರಹ್ಲಾದರಾವ್, ಪ್ರಕಾಶಕ, ಮುದ್ರಕ: ಕೆ.ಎನ್. ಶ್ರೀವಾಣಿ ಪ್ರಹ್ಲಾದರಾವ್, ಸುಮನ ಆಫ್‌ಸೆಟ್, 2ನೇ ರಸ್ತೆ, ಗೌರಿಪೇಟೆ, ಕೋಲಾರ-563101 Ph: 08152-222325 e-mail: kolarapatrike @gmail.com
